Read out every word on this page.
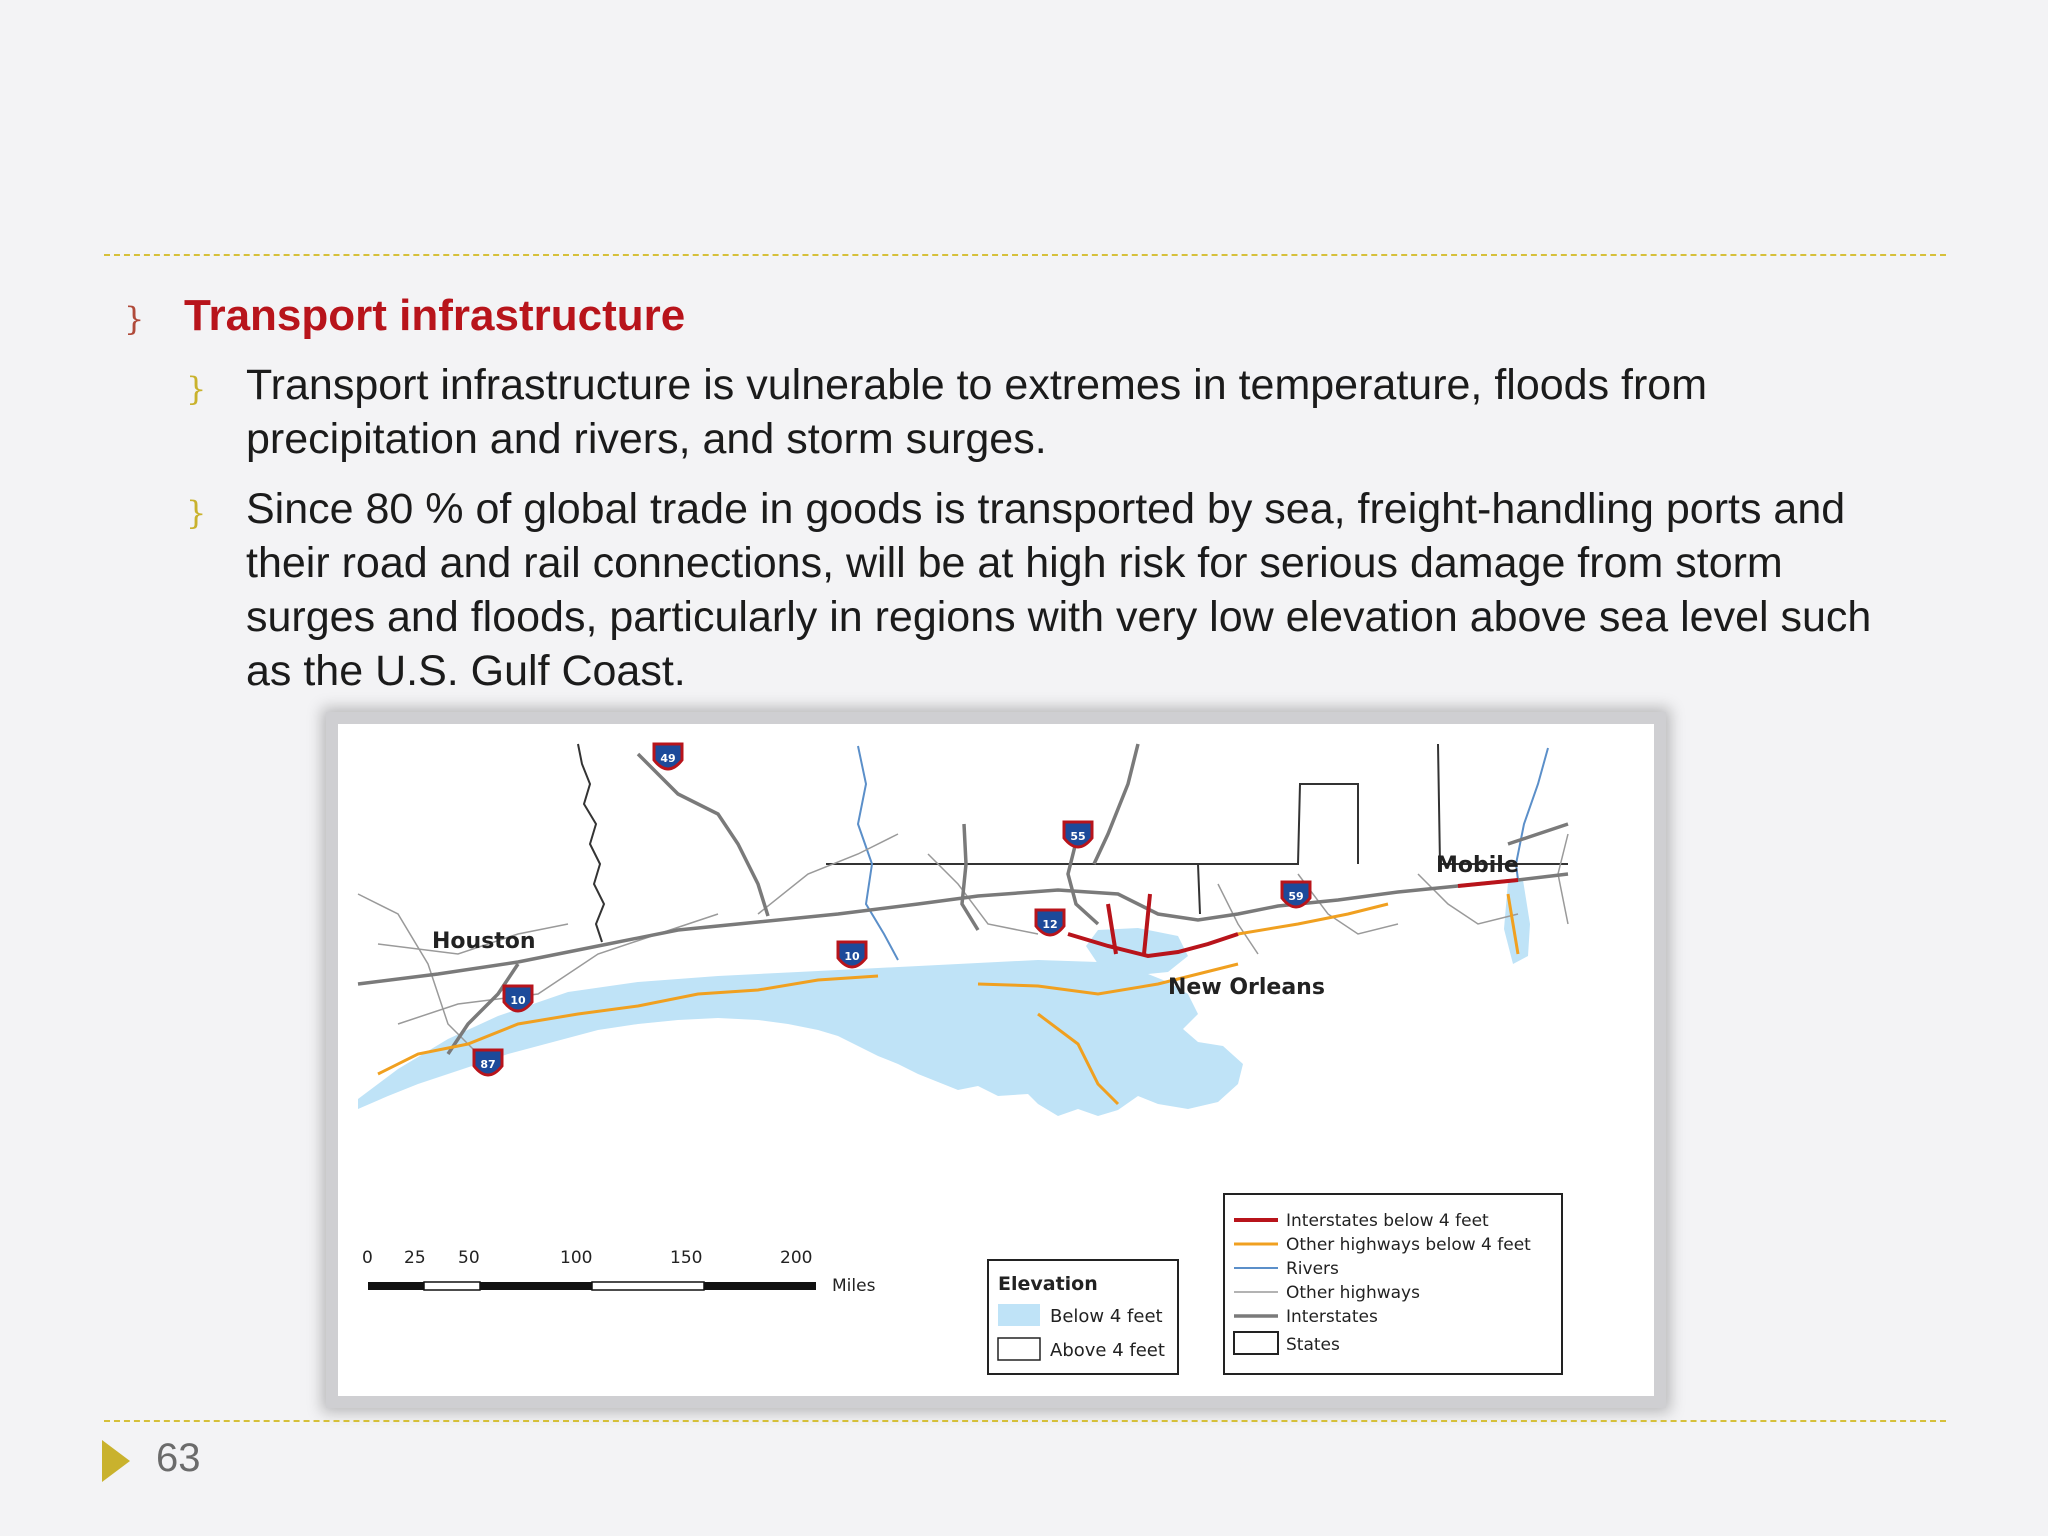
} Transport infrastructure
} Transport infrastructure is vulnerable to extremes in temperature, floods from precipitation and rivers, and storm surges.

} Since 80 % of global trade in goods is transported by sea, freight-handling ports and their road and rail connections, will be at high risk for serious damage from storm surges and floods, particularly in regions with very low elevation above sea level such as the U.S. Gulf Coast.

49
55
12
59
10
10
87
Houston
New Orleans
Mobile
0 25 50	100	150	200
Miles	Elevation
Below 4 feet
Above 4 feet
Interstates below 4 feet
Other highways below 4 feet
Rivers
Other highways
Interstates
States
63
